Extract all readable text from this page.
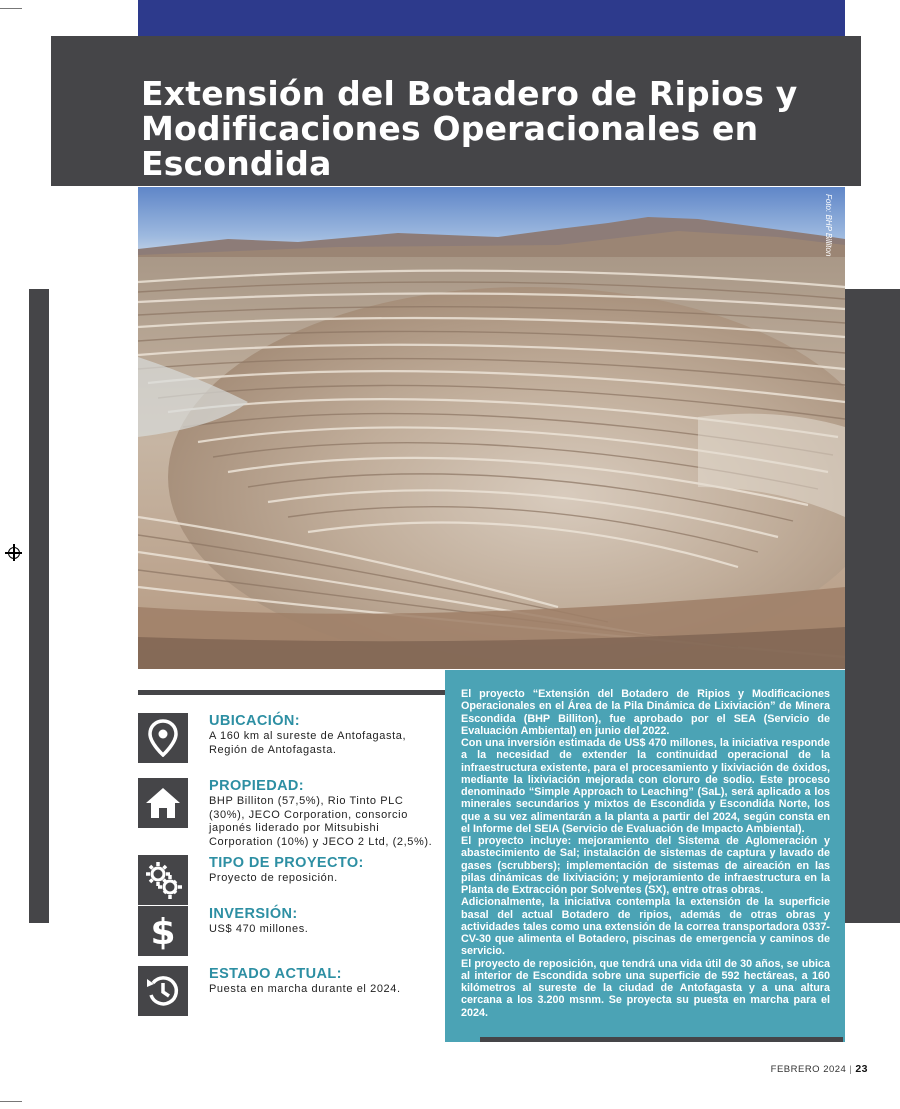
Extensión del Botadero de Ripios y Modificaciones Operacionales en Escondida
Foto: BHP Billiton

UBICACIÓN:

A 160 km al sureste de Antofagasta, Región de Antofagasta.

PROPIEDAD:

BHP Billiton (57,5%), Rio Tinto PLC (30%), JECO Corporation, consorcio japonés liderado por Mitsubishi Corporation (10%) y JECO 2 Ltd, (2,5%).

TIPO DE PROYECTO:

Proyecto de reposición.

$ INVERSIÓN:

US$ 470 millones.

ESTADO ACTUAL:

Puesta en marcha durante el 2024.

El proyecto “Extensión del Botadero de Ripios y Modificaciones Operacionales en el Área de la Pila Dinámica de Lixiviación” de Minera Escondida (BHP Billiton), fue aprobado por el SEA (Servicio de Evaluación Ambiental) en junio del 2022.

Con una inversión estimada de US$ 470 millones, la iniciativa responde a la necesidad de extender la continuidad operacional de la infraestructura existente, para el procesamiento y lixiviación de óxidos, mediante la lixiviación mejorada con cloruro de sodio. Este proceso denominado “Simple Approach to Leaching” (SaL), será aplicado a los minerales secundarios y mixtos de Escondida y Escondida Norte, los que a su vez alimentarán a la planta a partir del 2024, según consta en el Informe del SEIA (Servicio de Evaluación de Impacto Ambiental).

El proyecto incluye: mejoramiento del Sistema de Aglomeración y abastecimiento de Sal; instalación de sistemas de captura y lavado de gases (scrubbers); implementación de sistemas de aireación en las pilas dinámicas de lixiviación; y mejoramiento de infraestructura en la Planta de Extracción por Solventes (SX), entre otras obras.

Adicionalmente, la iniciativa contempla la extensión de la superficie basal del actual Botadero de ripios, además de otras obras y actividades tales como una extensión de la correa transportadora 0337-CV-30 que alimenta el Botadero, piscinas de emergencia y caminos de servicio.

El proyecto de reposición, que tendrá una vida útil de 30 años, se ubica al interior de Escondida sobre una superficie de 592 hectáreas, a 160 kilómetros al sureste de la ciudad de Antofagasta y a una altura cercana a los 3.200 msnm. Se proyecta su puesta en marcha para el 2024.

FEBRERO 2024 | 23
